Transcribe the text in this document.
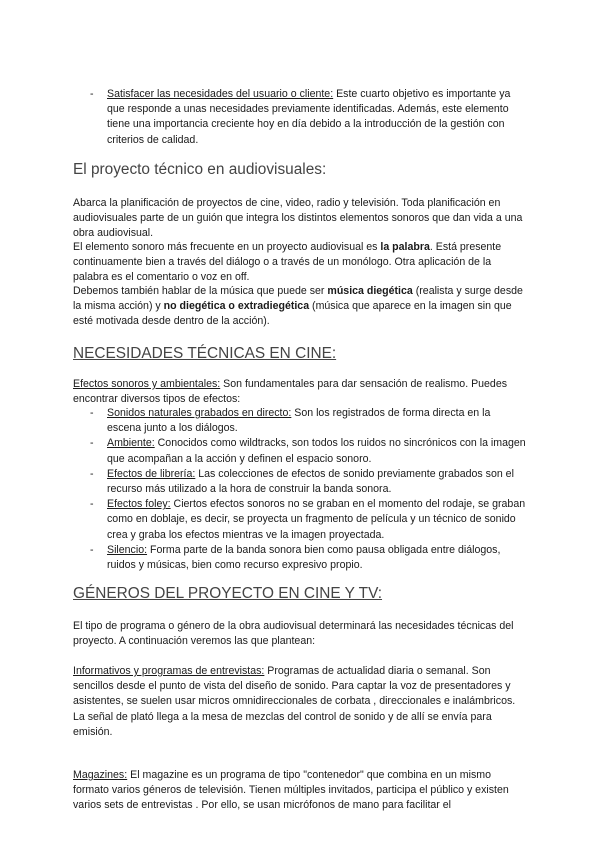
- Satisfacer las necesidades del usuario o cliente: Este cuarto objetivo es importante ya que responde a unas necesidades previamente identificadas. Además, este elemento tiene una importancia creciente hoy en día debido a la introducción de la gestión con criterios de calidad.
El proyecto técnico en audiovisuales:

Abarca la planificación de proyectos de cine, video, radio y televisión. Toda planificación en audiovisuales parte de un guión que integra los distintos elementos sonoros que dan vida a una obra audiovisual.

El elemento sonoro más frecuente en un proyecto audiovisual es la palabra. Está presente continuamente bien a través del diálogo o a través de un monólogo. Otra aplicación de la palabra es el comentario o voz en off.

Debemos también hablar de la música que puede ser música diegética (realista y surge desde la misma acción) y no diegética o extradiegética (música que aparece en la imagen sin que esté motivada desde dentro de la acción).

NECESIDADES TÉCNICAS EN CINE:

Efectos sonoros y ambientales: Son fundamentales para dar sensación de realismo. Puedes encontrar diversos tipos de efectos:

- Sonidos naturales grabados en directo: Son los registrados de forma directa en la escena junto a los diálogos.
- Ambiente: Conocidos como wildtracks, son todos los ruidos no sincrónicos con la imagen que acompañan a la acción y definen el espacio sonoro.
- Efectos de librería: Las colecciones de efectos de sonido previamente grabados son el recurso más utilizado a la hora de construir la banda sonora.
- Efectos foley: Ciertos efectos sonoros no se graban en el momento del rodaje, se graban como en doblaje, es decir, se proyecta un fragmento de película y un técnico de sonido crea y graba los efectos mientras ve la imagen proyectada.
- Silencio: Forma parte de la banda sonora bien como pausa obligada entre diálogos, ruidos y músicas, bien como recurso expresivo propio.
GÉNEROS DEL PROYECTO EN CINE Y TV:

El tipo de programa o género de la obra audiovisual determinará las necesidades técnicas del proyecto. A continuación veremos las que plantean:

Informativos y programas de entrevistas: Programas de actualidad diaria o semanal. Son sencillos desde el punto de vista del diseño de sonido. Para captar la voz de presentadores y asistentes, se suelen usar micros omnidireccionales de corbata , direccionales e inalámbricos. La señal de plató llega a la mesa de mezclas del control de sonido y de allí se envía para emisión.

Magazines: El magazine es un programa de tipo "contenedor" que combina en un mismo formato varios géneros de televisión. Tienen múltiples invitados, participa el público y existen varios sets de entrevistas . Por ello, se usan micrófonos de mano para facilitar el
